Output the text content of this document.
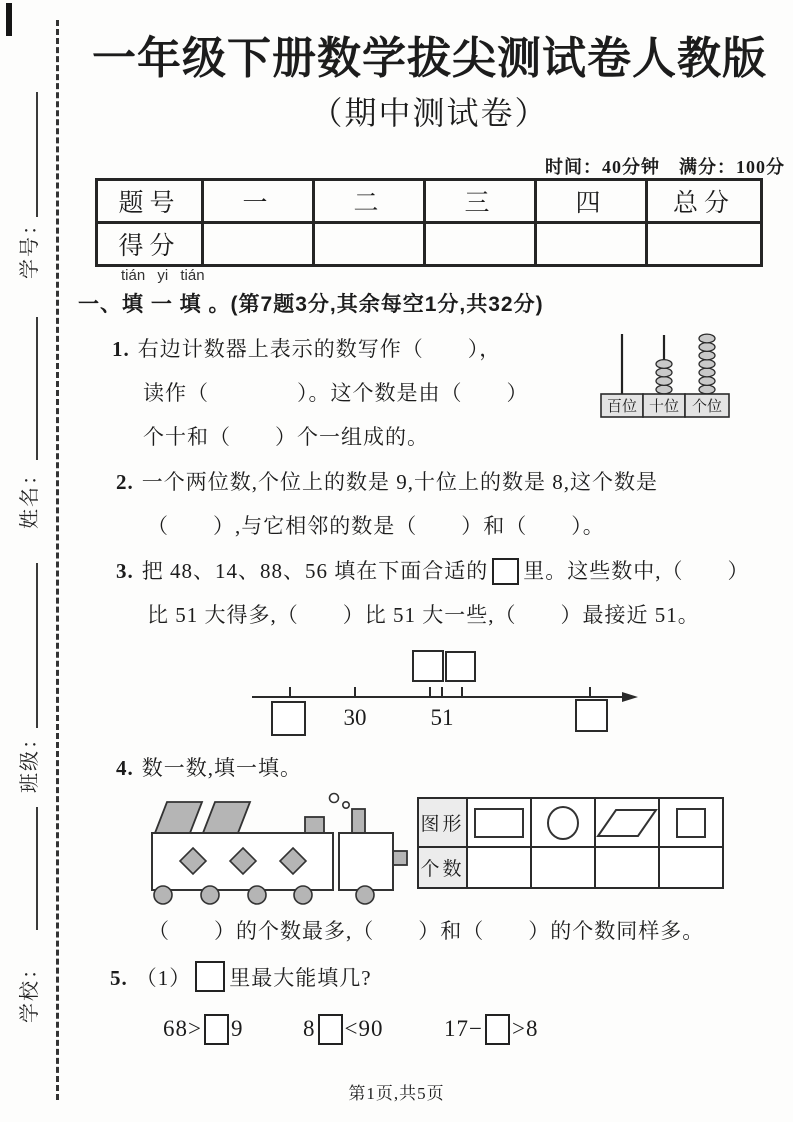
学号：
姓名：
班级：
学校：
一年级下册数学拔尖测试卷人教版
（期中测试卷）
时间：40分钟　满分：100分
题号	一	二	三	四	总分
得分					
tián yi tián
一、填 一 填 。(第7题3分,其余每空1分,共32分)
1. 右边计数器上表示的数写作（　　），
读作（　　　　）。这个数是由（　　）
个十和（　　）个一组成的。
百位 十位 个位
2. 一个两位数,个位上的数是 9,十位上的数是 8,这个数是
（　　）,与它相邻的数是（　　）和（　　）。
3. 把 48、14、88、56 填在下面合适的 里。这些数中,（　　）
比 51 大得多,（　　）比 51 大一些,（　　）最接近 51。
30	51
4. 数一数,填一填。
图形	

个数				
（　　）的个数最多,（　　）和（　　）的个数同样多。
5. （1） 里最大能填几?
68> 9	8 <90	17− >8
第1页,共5页
